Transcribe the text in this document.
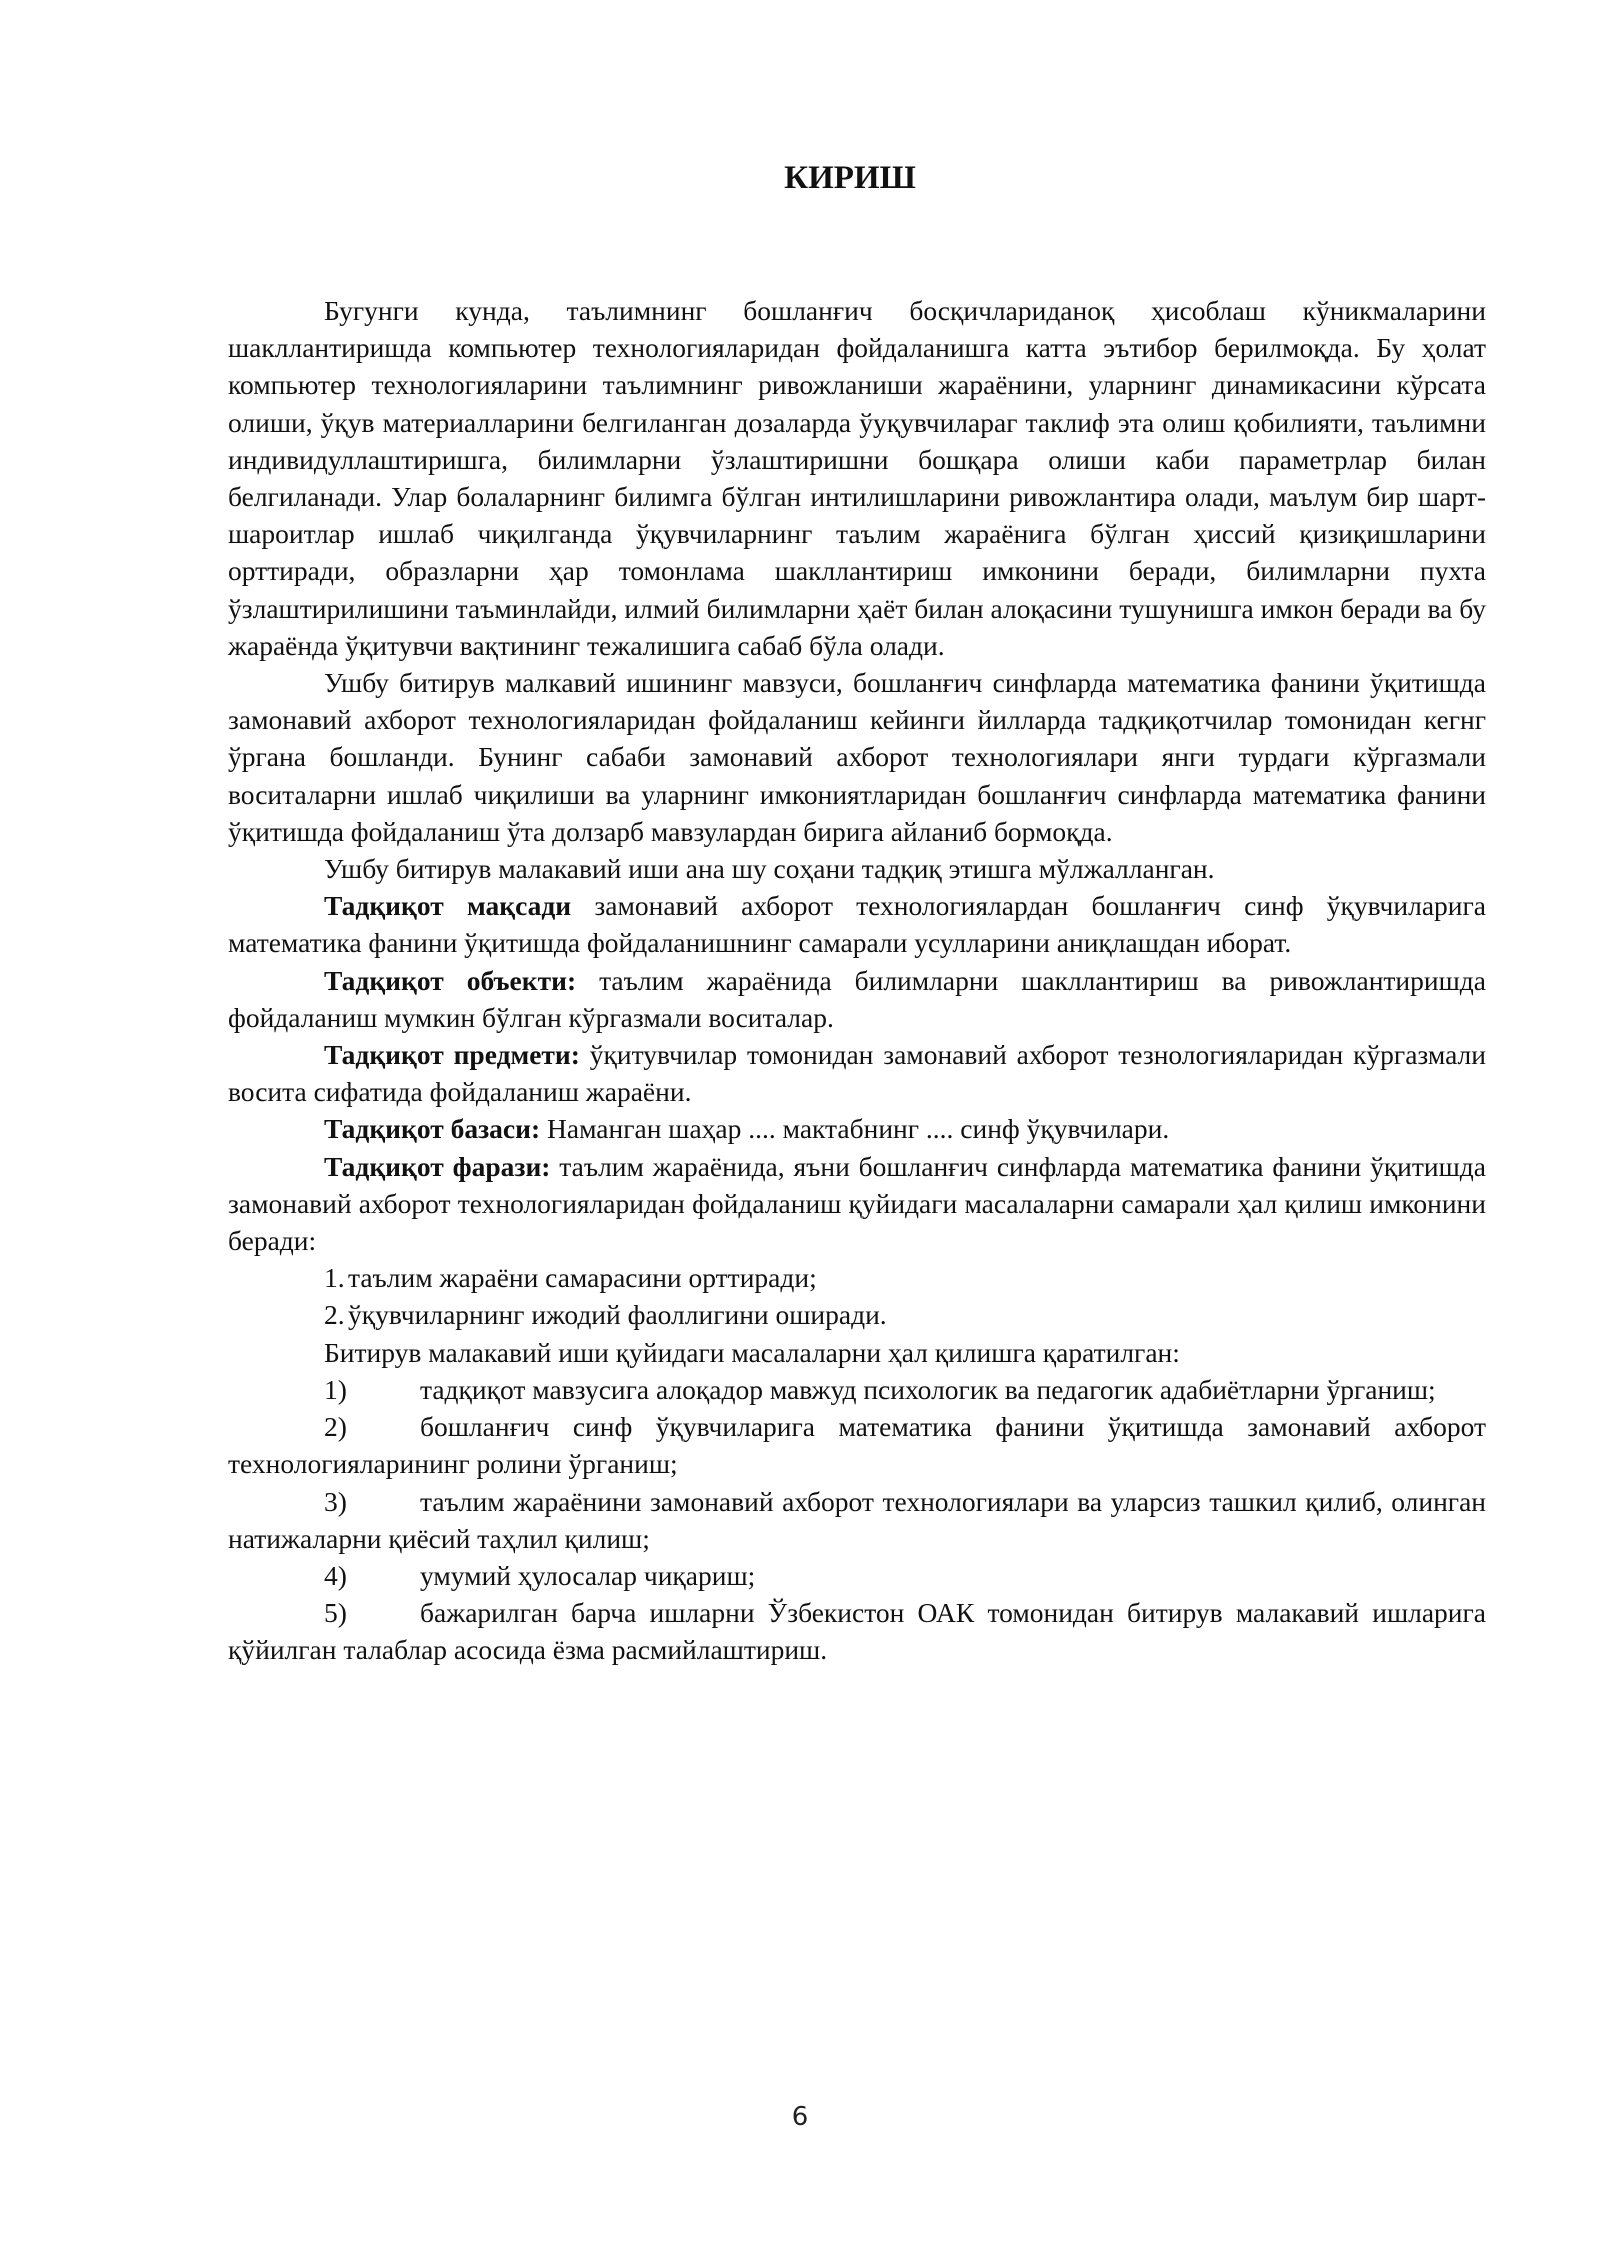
КИРИШ

Бугунги кунда, таълимнинг бошланғич босқичлариданоқ ҳисоблаш кўникмаларини шакллантиришда компьютер технологияларидан фойдаланишга катта эътибор берилмоқда. Бу ҳолат компьютер технологияларини таълимнинг ривожланиши жараёнини, уларнинг динамикасини кўрсата олиши, ўқув материалларини белгиланган дозаларда ўуқувчилараг таклиф эта олиш қобилияти, таълимни индивидуллаштиришга, билимларни ўзлаштиришни бошқара олиши каби параметрлар билан белгиланади. Улар болаларнинг билимга бўлган интилишларини ривожлантира олади, маълум бир шарт-шароитлар ишлаб чиқилганда ўқувчиларнинг таълим жараёнига бўлган ҳиссий қизиқишларини орттиради, образларни ҳар томонлама шакллантириш имконини беради, билимларни пухта ўзлаштирилишини таъминлайди, илмий билимларни ҳаёт билан алоқасини тушунишга имкон беради ва бу жараёнда ўқитувчи вақтининг тежалишига сабаб бўла олади.

Ушбу битирув малкавий ишининг мавзуси, бошланғич синфларда математика фанини ўқитишда замонавий ахборот технологияларидан фойдаланиш кейинги йилларда тадқиқотчилар томонидан кегнг ўргана бошланди. Бунинг сабаби замонавий ахборот технологиялари янги турдаги кўргазмали воситаларни ишлаб чиқилиши ва уларнинг имкониятларидан бошланғич синфларда математика фанини ўқитишда фойдаланиш ўта долзарб мавзулардан бирига айланиб бормоқда.

Ушбу битирув малакавий иши ана шу соҳани тадқиқ этишга мўлжалланган.

Тадқиқот мақсади замонавий ахборот технологиялардан бошланғич синф ўқувчиларига математика фанини ўқитишда фойдаланишнинг самарали усулларини аниқлашдан иборат.

Тадқиқот объекти: таълим жараёнида билимларни шакллантириш ва ривожлантиришда фойдаланиш мумкин бўлган кўргазмали воситалар.

Тадқиқот предмети: ўқитувчилар томонидан замонавий ахборот тезнологияларидан кўргазмали восита сифатида фойдаланиш жараёни.

Тадқиқот базаси: Наманган шаҳар .... мактабнинг .... синф ўқувчилари.

Тадқиқот фарази: таълим жараёнида, яъни бошланғич синфларда математика фанини ўқитишда замонавий ахборот технологияларидан фойдаланиш қуйидаги масалаларни самарали ҳал қилиш имконини беради:

1. таълим жараёни самарасини орттиради;
2. ўқувчиларнинг ижодий фаоллигини оширади.

Битирув малакавий иши қуйидаги масалаларни ҳал қилишга қаратилган:

1)	тадқиқот мавзусига алоқадор мавжуд психологик ва педагогик адабиётларни ўрганиш;
2)	бошланғич синф ўқувчиларига математика фанини ўқитишда замонавий ахборот технологияларининг ролини ўрганиш;
3)	таълим жараёнини замонавий ахборот технологиялари ва уларсиз ташкил қилиб, олинган натижаларни қиёсий таҳлил қилиш;
4)	умумий ҳулосалар чиқариш;
5)	бажарилган барча ишларни Ўзбекистон ОАК томонидан битирув малакавий ишларига қўйилган талаблар асосида ёзма расмийлаштириш.
6
